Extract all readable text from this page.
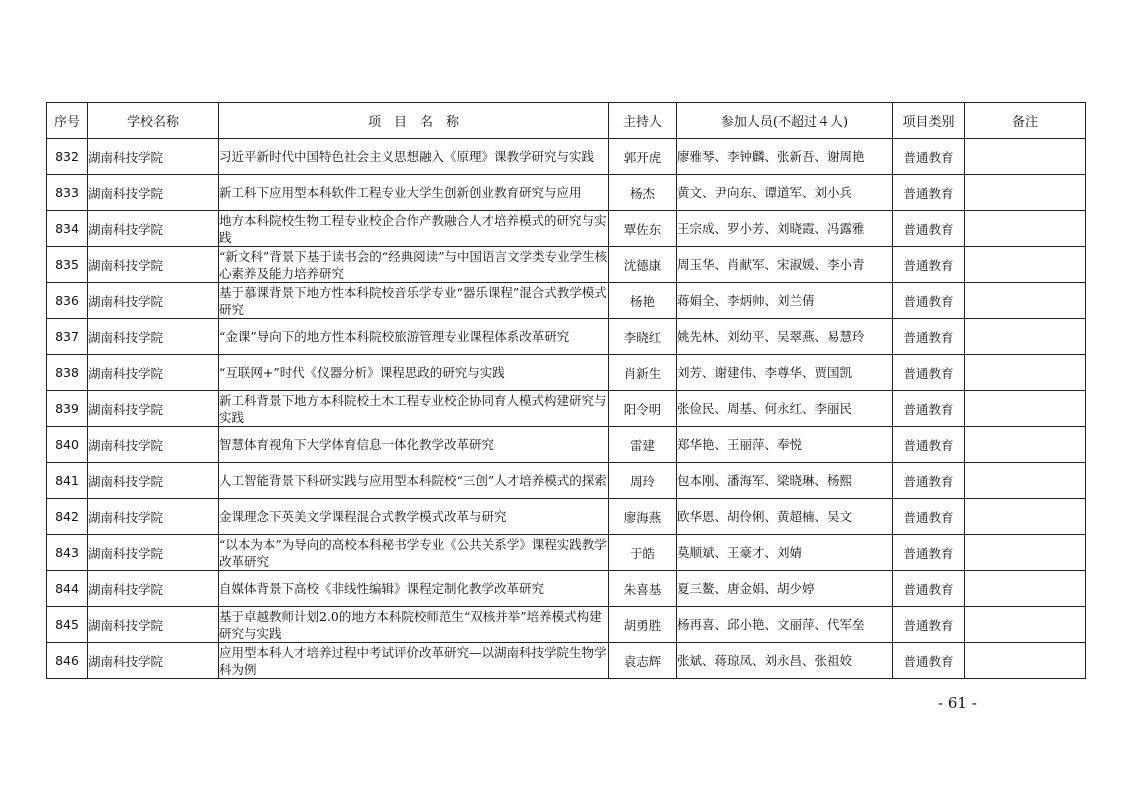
序号	学校名称	项　目　名　称	主持人	参加人员(不超过４人)	项目类别	备注
832	湖南科技学院	习近平新时代中国特色社会主义思想融入《原理》课教学研究与实践	郭开虎	廖雅琴、李钟麟、张新吾、谢周艳	普通教育	
833	湖南科技学院	新工科下应用型本科软件工程专业大学生创新创业教育研究与应用	杨杰	黄文、尹向东、谭道军、刘小兵	普通教育	
834	湖南科技学院	地方本科院校生物工程专业校企合作产教融合人才培养模式的研究与实践	覃佐东	王宗成、罗小芳、刘晓霞、冯露雅	普通教育	
835	湖南科技学院	“新文科”背景下基于读书会的“经典阅读”与中国语言文学类专业学生核心素养及能力培养研究	沈德康	周玉华、肖献军、宋淑媛、李小青	普通教育	
836	湖南科技学院	基于慕课背景下地方性本科院校音乐学专业“器乐课程”混合式教学模式研究	杨艳	蒋娟全、李炳帅、刘兰倩	普通教育	
837	湖南科技学院	“金课”导向下的地方性本科院校旅游管理专业课程体系改革研究	李晓红	姚先林、刘幼平、吴翠燕、易慧玲	普通教育	
838	湖南科技学院	“互联网+”时代《仪器分析》课程思政的研究与实践	肖新生	刘芳、谢建伟、李尊华、贾国凯	普通教育	
839	湖南科技学院	新工科背景下地方本科院校土木工程专业校企协同育人模式构建研究与实践	阳令明	张俭民、周基、何永红、李丽民	普通教育	
840	湖南科技学院	智慧体育视角下大学体育信息一体化教学改革研究	雷建	郑华艳、王丽萍、奉悦	普通教育	
841	湖南科技学院	人工智能背景下科研实践与应用型本科院校“三创”人才培养模式的探索	周玲	包本刚、潘海军、梁晓琳、杨熙	普通教育	
842	湖南科技学院	金课理念下英美文学课程混合式教学模式改革与研究	廖海燕	欧华恩、胡伶俐、黄超楠、吴文	普通教育	
843	湖南科技学院	“以本为本”为导向的高校本科秘书学专业《公共关系学》课程实践教学改革研究	于皓	莫顺斌、王豪才、刘婧	普通教育	
844	湖南科技学院	自媒体背景下高校《非线性编辑》课程定制化教学改革研究	朱喜基	夏三鳌、唐金娟、胡少婷	普通教育	
845	湖南科技学院	基于卓越教师计划2.0的地方本科院校师范生“双核并举”培养模式构建研究与实践	胡勇胜	杨再喜、邱小艳、文丽萍、代军垒	普通教育	
846	湖南科技学院	应用型本科人才培养过程中考试评价改革研究—以湖南科技学院生物学科为例	袁志辉	张斌、蒋琼凤、刘永昌、张祖姣	普通教育	
- 61 -
